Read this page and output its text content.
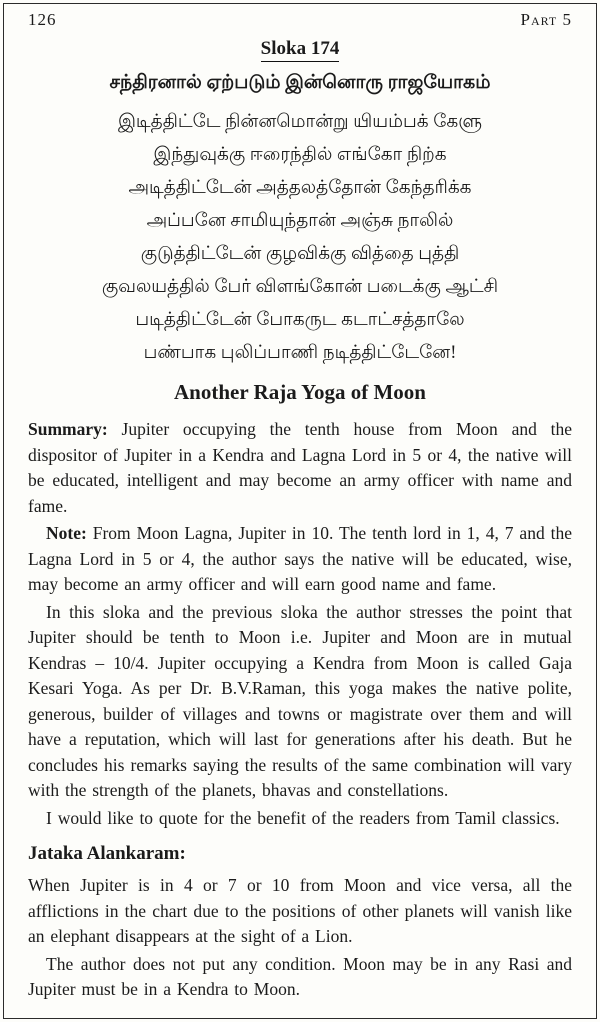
126	Part 5
Sloka 174
சந்திரனால் ஏற்படும் இன்னொரு ராஜயோகம்
இடித்திட்டே நின்னமொன்று யியம்பக் கேளு
இந்துவுக்கு ஈரைந்தில் எங்கோ நிற்க
அடித்திட்டேன் அத்தலத்தோன் கேந்தரிக்க
அப்பனே சாமியுந்தான் அஞ்சு நாலில்
குடுத்திட்டேன் குழவிக்கு வித்தை புத்தி
குவலயத்தில் பேர் விளங்கோன் படைக்கு ஆட்சி
படித்திட்டேன் போகருட கடாட்சத்தாலே
பண்பாக புலிப்பாணி நடித்திட்டேனே!
Another Raja Yoga of Moon

Summary: Jupiter occupying the tenth house from Moon and the dispositor of Jupiter in a Kendra and Lagna Lord in 5 or 4, the native will be educated, intelligent and may become an army officer with name and fame.

Note: From Moon Lagna, Jupiter in 10. The tenth lord in 1, 4, 7 and the Lagna Lord in 5 or 4, the author says the native will be educated, wise, may become an army officer and will earn good name and fame.

In this sloka and the previous sloka the author stresses the point that Jupiter should be tenth to Moon i.e. Jupiter and Moon are in mutual Kendras – 10/4. Jupiter occupying a Kendra from Moon is called Gaja Kesari Yoga. As per Dr. B.V.Raman, this yoga makes the native polite, generous, builder of villages and towns or magistrate over them and will have a reputation, which will last for generations after his death. But he concludes his remarks saying the results of the same combination will vary with the strength of the planets, bhavas and constellations.

I would like to quote for the benefit of the readers from Tamil classics.

Jataka Alankaram:

When Jupiter is in 4 or 7 or 10 from Moon and vice versa, all the afflictions in the chart due to the positions of other planets will vanish like an elephant disappears at the sight of a Lion.

The author does not put any condition. Moon may be in any Rasi and Jupiter must be in a Kendra to Moon.
